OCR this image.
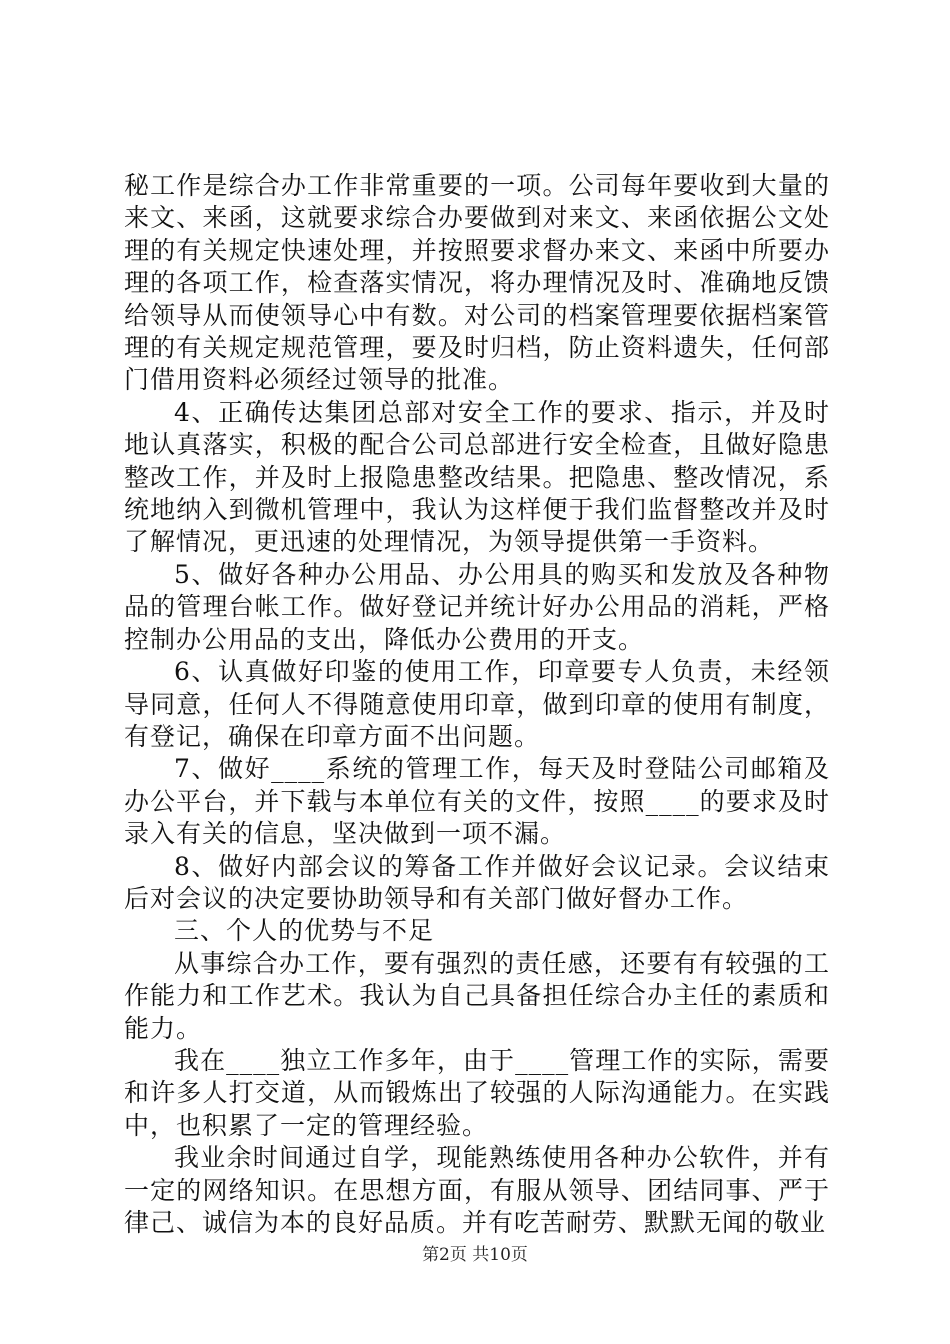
秘工作是综合办工作非常重要的一项。公司每年要收到大量的来文、来函，这就要求综合办要做到对来文、来函依据公文处理的有关规定快速处理，并按照要求督办来文、来函中所要办理的各项工作，检查落实情况，将办理情况及时、准确地反馈给领导从而使领导心中有数。对公司的档案管理要依据档案管理的有关规定规范管理，要及时归档，防止资料遗失，任何部门借用资料必须经过领导的批准。

4、正确传达集团总部对安全工作的要求、指示，并及时地认真落实，积极的配合公司总部进行安全检查，且做好隐患整改工作，并及时上报隐患整改结果。把隐患、整改情况，系统地纳入到微机管理中，我认为这样便于我们监督整改并及时了解情况，更迅速的处理情况，为领导提供第一手资料。

5、做好各种办公用品、办公用具的购买和发放及各种物品的管理台帐工作。做好登记并统计好办公用品的消耗，严格控制办公用品的支出，降低办公费用的开支。

6、认真做好印鉴的使用工作，印章要专人负责，未经领导同意，任何人不得随意使用印章，做到印章的使用有制度，有登记，确保在印章方面不出问题。

7、做好____系统的管理工作，每天及时登陆公司邮箱及办公平台，并下载与本单位有关的文件，按照____的要求及时录入有关的信息，坚决做到一项不漏。

8、做好内部会议的筹备工作并做好会议记录。会议结束后对会议的决定要协助领导和有关部门做好督办工作。

三、个人的优势与不足

从事综合办工作，要有强烈的责任感，还要有有较强的工作能力和工作艺术。我认为自己具备担任综合办主任的素质和能力。

我在____独立工作多年，由于____管理工作的实际，需要和许多人打交道，从而锻炼出了较强的人际沟通能力。在实践中，也积累了一定的管理经验。

我业余时间通过自学，现能熟练使用各种办公软件，并有一定的网络知识。在思想方面，有服从领导、团结同事、严于律己、诚信为本的良好品质。并有吃苦耐劳、默默无闻的敬业

第2页 共10页
